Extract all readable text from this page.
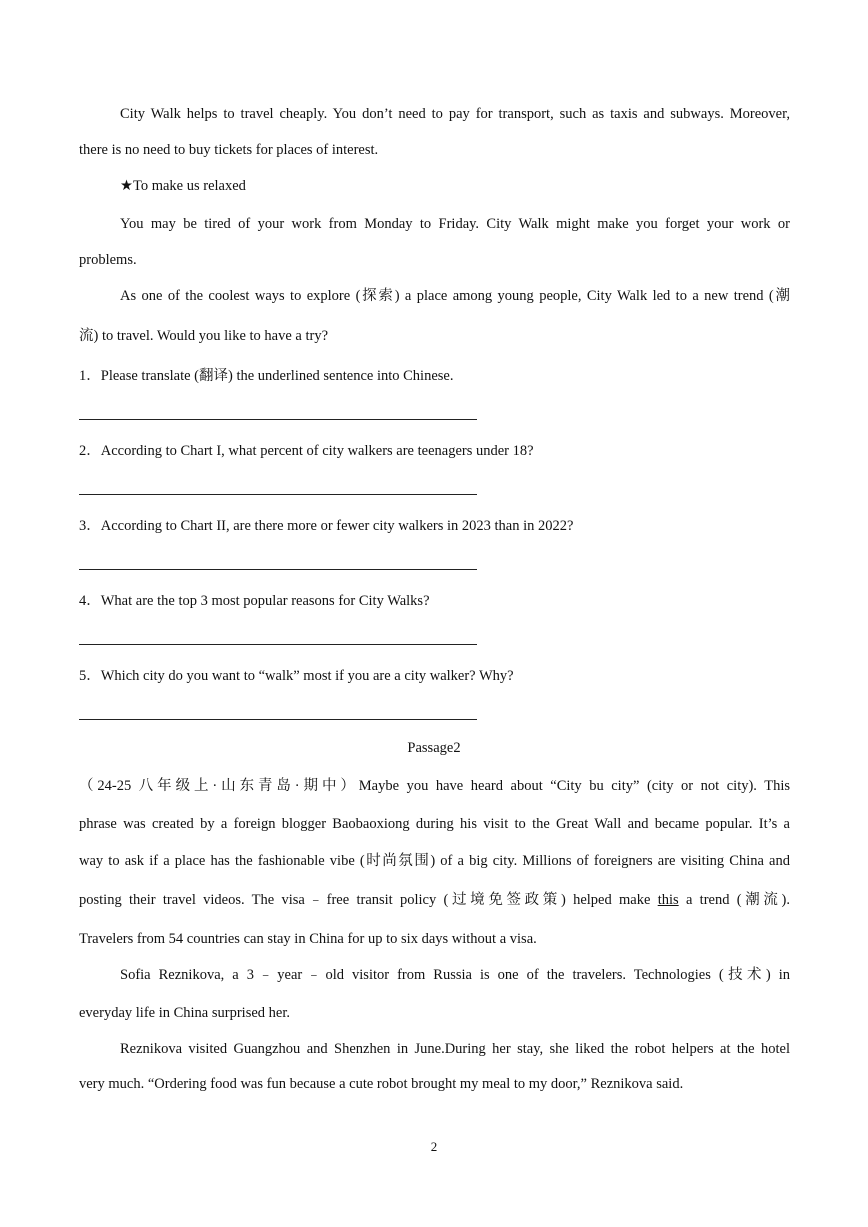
City Walk helps to travel cheaply. You don’t need to pay for transport, such as taxis and subways. Moreover,
there is no need to buy tickets for places of interest.
★To make us relaxed
You may be tired of your work from Monday to Friday. City Walk might make you forget your work or
problems.
As one of the coolest ways to explore (探索) a place among young people, City Walk led to a new trend (潮
流) to travel. Would you like to have a try?
1．Please translate (翻译) the underlined sentence into Chinese.
2．According to Chart I, what percent of city walkers are teenagers under 18?
3．According to Chart II, are there more or fewer city walkers in 2023 than in 2022?
4．What are the top 3 most popular reasons for City Walks?
5．Which city do you want to “walk” most if you are a city walker? Why?
Passage2
（24-25 八年级上·山东青岛·期中）Maybe you have heard about “City bu city” (city or not city). This
phrase was created by a foreign blogger Baobaoxiong during his visit to the Great Wall and became popular. It’s a
way to ask if a place has the fashionable vibe (时尚氛围) of a big city. Millions of foreigners are visiting China and
posting their travel videos. The visa﹣free transit policy (过境免签政策) helped make this a trend (潮流).
Travelers from 54 countries can stay in China for up to six days without a visa.
Sofia Reznikova, a 3﹣year﹣old visitor from Russia is one of the travelers. Technologies (技术) in
everyday life in China surprised her.
Reznikova visited Guangzhou and Shenzhen in June.During her stay, she liked the robot helpers at the hotel
very much. “Ordering food was fun because a cute robot brought my meal to my door,” Reznikova said.
2
